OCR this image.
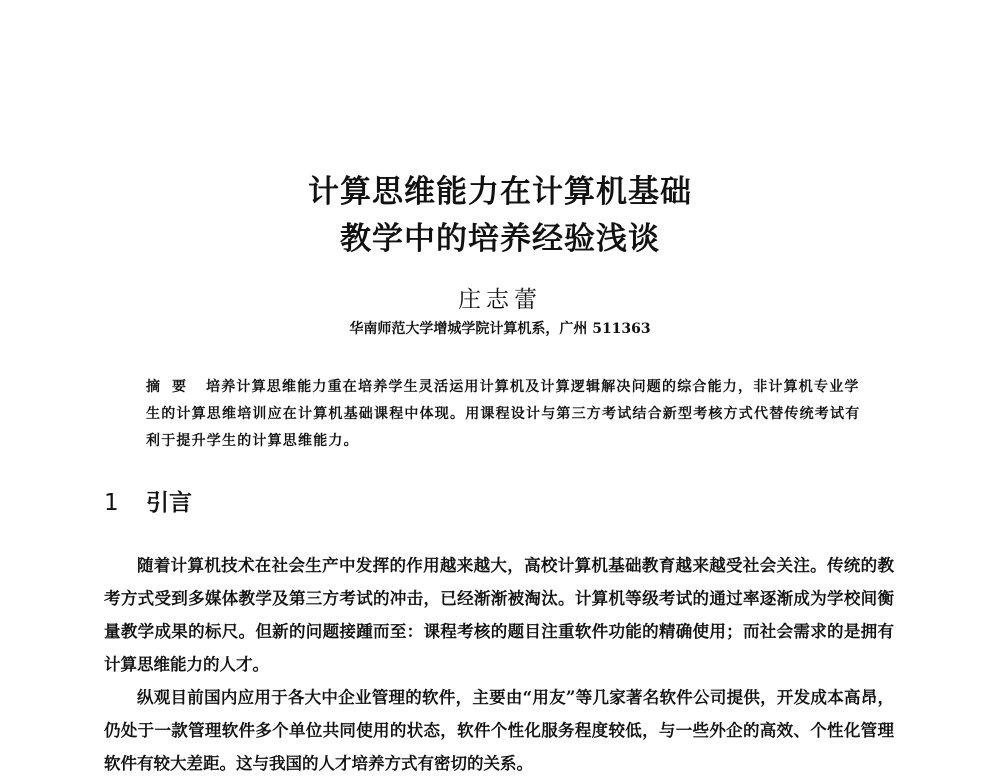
计算思维能力在计算机基础
教学中的培养经验浅谈
庄志蕾
华南师范大学增城学院计算机系，广州 511363
摘要 培养计算思维能力重在培养学生灵活运用计算机及计算逻辑解决问题的综合能力，非计算机专业学生的计算思维培训应在计算机基础课程中体现。用课程设计与第三方考试结合新型考核方式代替传统考试有利于提升学生的计算思维能力。
1 引言

随着计算机技术在社会生产中发挥的作用越来越大，高校计算机基础教育越来越受社会关注。传统的教考方式受到多媒体教学及第三方考试的冲击，已经渐渐被淘汰。计算机等级考试的通过率逐渐成为学校间衡量教学成果的标尺。但新的问题接踵而至：课程考核的题目注重软件功能的精确使用；而社会需求的是拥有计算思维能力的人才。

纵观目前国内应用于各大中企业管理的软件，主要由“用友”等几家著名软件公司提供，开发成本高昂，仍处于一款管理软件多个单位共同使用的状态，软件个性化服务程度较低，与一些外企的高效、个性化管理软件有较大差距。这与我国的人才培养方式有密切的关系。
